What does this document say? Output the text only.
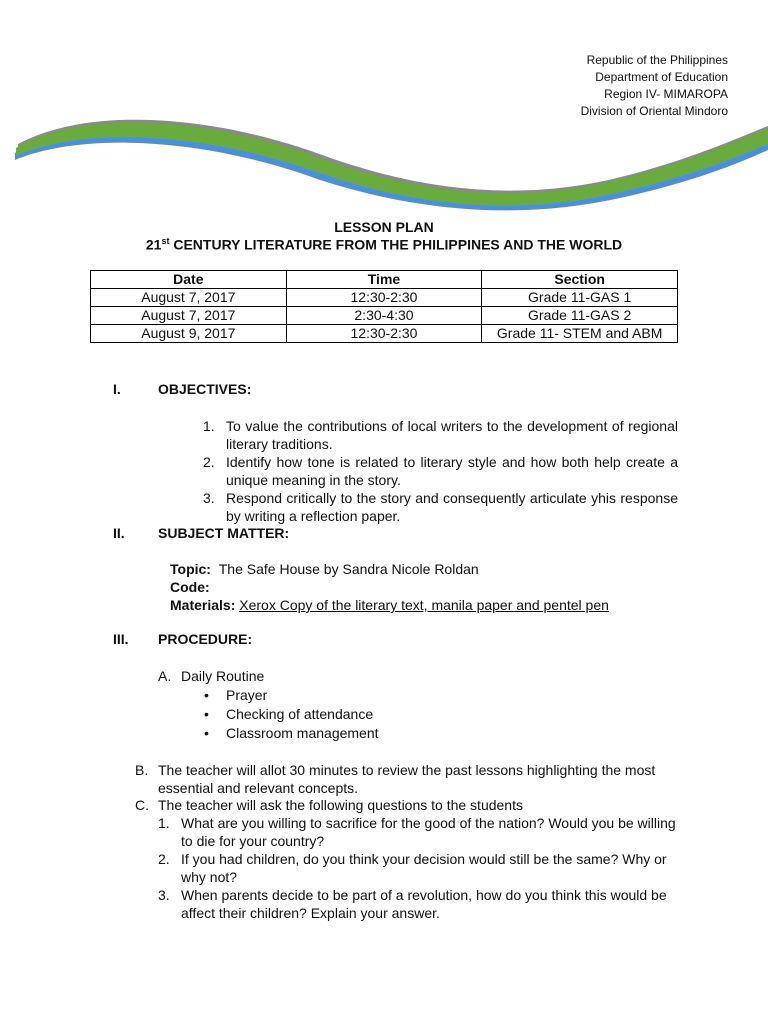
Republic of the Philippines
Department of Education
Region IV- MIMAROPA
Division of Oriental Mindoro
LESSON PLAN
21st CENTURY LITERATURE FROM THE PHILIPPINES AND THE WORLD
Date	Time	Section
August 7, 2017	12:30-2:30	Grade 11-GAS 1
August 7, 2017	2:30-4:30	Grade 11-GAS 2
August 9, 2017	12:30-2:30	Grade 11- STEM and ABM
I.	OBJECTIVES:
1. To value the contributions of local writers to the development of regional literary traditions.
2. Identify how tone is related to literary style and how both help create a unique meaning in the story.
3. Respond critically to the story and consequently articulate yhis response by writing a reflection paper.
II. SUBJECT MATTER:
Topic: The Safe House by Sandra Nicole Roldan
Code:
Materials: Xerox Copy of the literary text, manila paper and pentel pen
III. PROCEDURE:
A. Daily Routine
• Prayer
• Checking of attendance
• Classroom management
B. The teacher will allot 30 minutes to review the past lessons highlighting the most essential and relevant concepts.
C. The teacher will ask the following questions to the students
1. What are you willing to sacrifice for the good of the nation? Would you be willing to die for your country?
2. If you had children, do you think your decision would still be the same? Why or why not?
3. When parents decide to be part of a revolution, how do you think this would be affect their children? Explain your answer.
